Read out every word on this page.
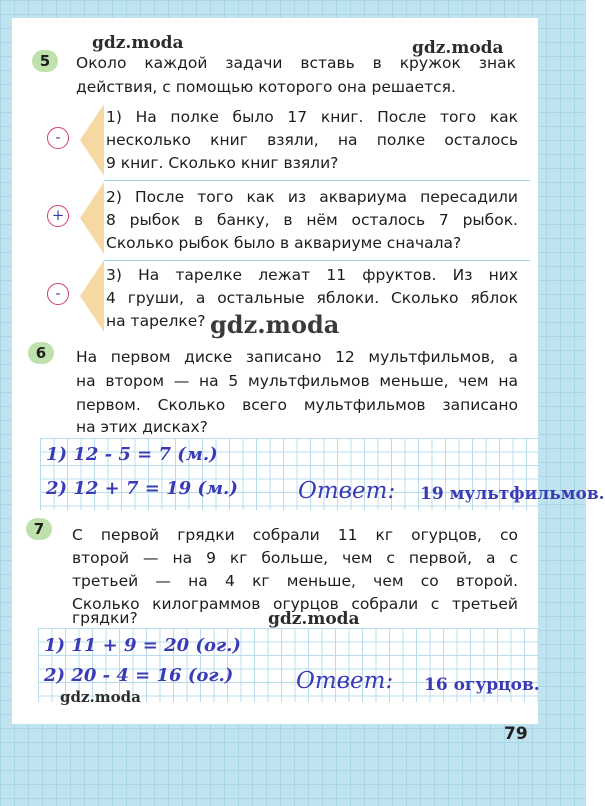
5	Около каждой задачи вставь в кружок знак
действия, с помощью которого она решается.
-
1) На полке было 17 книг. После того как
несколько книг взяли, на полке осталось
9 книг. Сколько книг взяли?
+
2) После того как из аквариума пересадили
8 рыбок в банку, в нём осталось 7 рыбок.
Сколько рыбок было в аквариуме сначала?
-
3) На тарелке лежат 11 фруктов. Из них
4 груши, а остальные яблоки. Сколько яблок
на тарелке?
6	На первом диске записано 12 мультфильмов, а
на втором — на 5 мультфильмов меньше, чем на
первом. Сколько всего мультфильмов записано
на этих дисках?
1) 12 - 5 = 7 (м.)
2) 12 + 7 = 19 (м.)	Ответ: 19 мультфильмов.
7	С первой грядки собрали 11 кг огурцов, со
второй — на 9 кг больше, чем с первой, а с
третьей — на 4 кг меньше, чем со второй.
Сколько килограммов огурцов собрали с третьей
грядки?
1) 11 + 9 = 20 (ог.)
2) 20 - 4 = 16 (ог.)	Ответ: 16 огурцов.
79
gdz.moda	gdz.moda
gdz.moda
gdz.moda
gdz.moda
